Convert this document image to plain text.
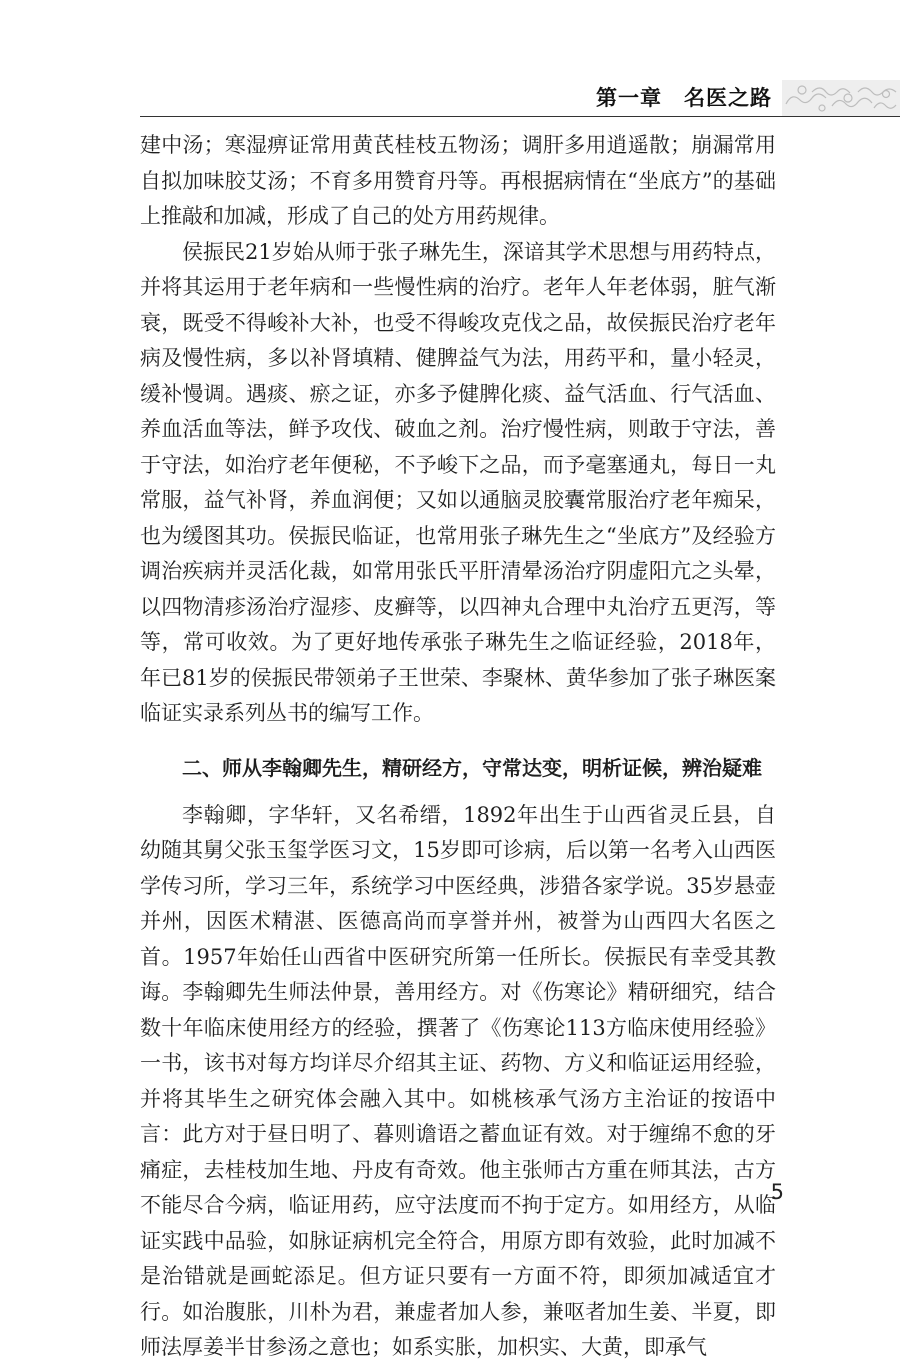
第一章　名医之路

建中汤；寒湿痹证常用黄芪桂枝五物汤；调肝多用逍遥散；崩漏常用自拟加味胶艾汤；不育多用赞育丹等。再根据病情在“坐底方”的基础上推敲和加减，形成了自己的处方用药规律。

侯振民21岁始从师于张子琳先生，深谙其学术思想与用药特点，并将其运用于老年病和一些慢性病的治疗。老年人年老体弱，脏气渐衰，既受不得峻补大补，也受不得峻攻克伐之品，故侯振民治疗老年病及慢性病，多以补肾填精、健脾益气为法，用药平和，量小轻灵，缓补慢调。遇痰、瘀之证，亦多予健脾化痰、益气活血、行气活血、养血活血等法，鲜予攻伐、破血之剂。治疗慢性病，则敢于守法，善于守法，如治疗老年便秘，不予峻下之品，而予毫塞通丸，每日一丸常服，益气补肾，养血润便；又如以通脑灵胶囊常服治疗老年痴呆，也为缓图其功。侯振民临证，也常用张子琳先生之“坐底方”及经验方调治疾病并灵活化裁，如常用张氏平肝清晕汤治疗阴虚阳亢之头晕，以四物清疹汤治疗湿疹、皮癣等，以四神丸合理中丸治疗五更泻，等等，常可收效。为了更好地传承张子琳先生之临证经验，2018年，年已81岁的侯振民带领弟子王世荣、李聚林、黄华参加了张子琳医案临证实录系列丛书的编写工作。

二、师从李翰卿先生，精研经方，守常达变，明析证候，辨治疑难

李翰卿，字华轩，又名希缙，1892年出生于山西省灵丘县，自幼随其舅父张玉玺学医习文，15岁即可诊病，后以第一名考入山西医学传习所，学习三年，系统学习中医经典，涉猎各家学说。35岁悬壶并州，因医术精湛、医德高尚而享誉并州，被誉为山西四大名医之首。1957年始任山西省中医研究所第一任所长。侯振民有幸受其教诲。李翰卿先生师法仲景，善用经方。对《伤寒论》精研细究，结合数十年临床使用经方的经验，撰著了《伤寒论113方临床使用经验》一书，该书对每方均详尽介绍其主证、药物、方义和临证运用经验，并将其毕生之研究体会融入其中。如桃核承气汤方主治证的按语中言：此方对于昼日明了、暮则谵语之蓄血证有效。对于缠绵不愈的牙痛症，去桂枝加生地、丹皮有奇效。他主张师古方重在师其法，古方不能尽合今病，临证用药，应守法度而不拘于定方。如用经方，从临证实践中品验，如脉证病机完全符合，用原方即有效验，此时加减不是治错就是画蛇添足。但方证只要有一方面不符，即须加减适宜才行。如治腹胀，川朴为君，兼虚者加人参，兼呕者加生姜、半夏，即师法厚姜半甘参汤之意也；如系实胀，加枳实、大黄，即承气

5
